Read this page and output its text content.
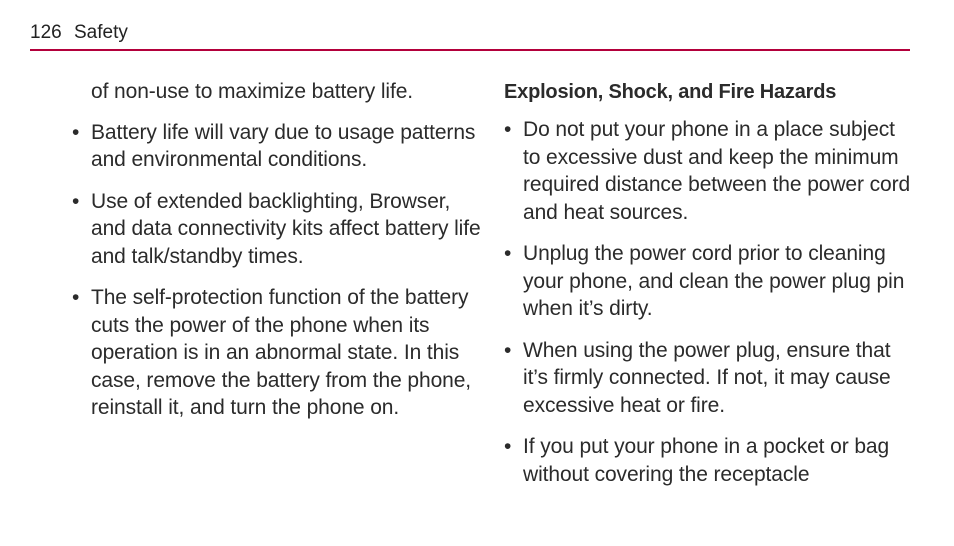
126 Safety

of non-use to maximize battery life.

• Battery life will vary due to usage patterns and environmental conditions.

• Use of extended backlighting, Browser, and data connectivity kits affect battery life and talk/standby times.

• The self-protection function of the battery cuts the power of the phone when its operation is in an abnormal state. In this case, remove the battery from the phone, reinstall it, and turn the phone on.

Explosion, Shock, and Fire Hazards

• Do not put your phone in a place subject to excessive dust and keep the minimum required distance between the power cord and heat sources.

• Unplug the power cord prior to cleaning your phone, and clean the power plug pin when it’s dirty.

• When using the power plug, ensure that it’s firmly connected. If not, it may cause excessive heat or fire.

• If you put your phone in a pocket or bag without covering the receptacle
